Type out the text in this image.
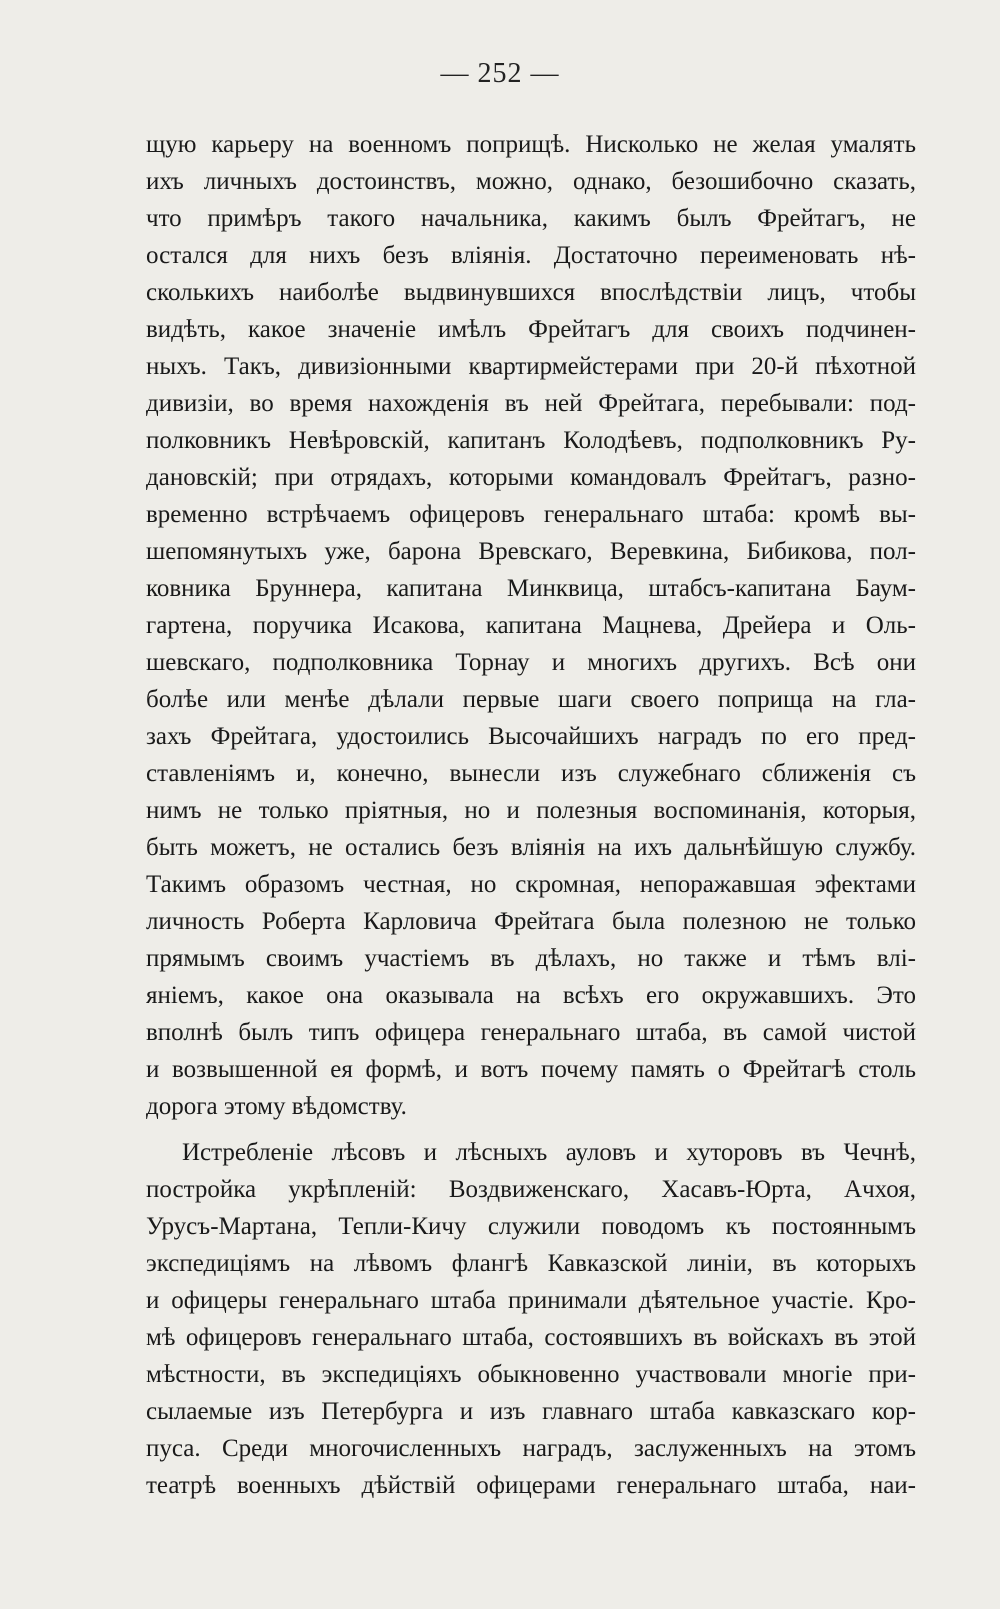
— 252 —
щую карьеру на военномъ поприщѣ. Нисколько не желая умалять
ихъ личныхъ достоинствъ, можно, однако, безошибочно сказать,
что примѣръ такого начальника, какимъ былъ Фрейтагъ, не
остался для нихъ безъ вліянія. Достаточно переименовать нѣ-
сколькихъ наиболѣе выдвинувшихся впослѣдствіи лицъ, чтобы
видѣть, какое значеніе имѣлъ Фрейтагъ для своихъ подчинен-
ныхъ. Такъ, дивизіонными квартирмейстерами при 20-й пѣхотной
дивизіи, во время нахожденія въ ней Фрейтага, перебывали: под-
полковникъ Невѣровскій, капитанъ Колодѣевъ, подполковникъ Ру-
дановскій; при отрядахъ, которыми командовалъ Фрейтагъ, разно-
временно встрѣчаемъ офицеровъ генеральнаго штаба: кромѣ вы-
шепомянутыхъ уже, барона Вревскаго, Веревкина, Бибикова, пол-
ковника Бруннера, капитана Минквица, штабсъ-капитана Баум-
гартена, поручика Исакова, капитана Мацнева, Дрейера и Оль-
шевскаго, подполковника Торнау и многихъ другихъ. Всѣ они
болѣе или менѣе дѣлали первые шаги своего поприща на гла-
захъ Фрейтага, удостоились Высочайшихъ наградъ по его пред-
ставленіямъ и, конечно, вынесли изъ служебнаго сближенія съ
нимъ не только пріятныя, но и полезныя воспоминанія, которыя,
быть можетъ, не остались безъ вліянія на ихъ дальнѣйшую службу.
Такимъ образомъ честная, но скромная, непоражавшая эфектами
личность Роберта Карловича Фрейтага была полезною не только
прямымъ своимъ участіемъ въ дѣлахъ, но также и тѣмъ влі-
яніемъ, какое она оказывала на всѣхъ его окружавшихъ. Это
вполнѣ былъ типъ офицера генеральнаго штаба, въ самой чистой
и возвышенной ея формѣ, и вотъ почему память о Фрейтагѣ столь
дорога этому вѣдомству.
Истребленіе лѣсовъ и лѣсныхъ ауловъ и хуторовъ въ Чечнѣ,
постройка укрѣпленій: Воздвиженскаго, Хасавъ-Юрта, Ачхоя,
Урусъ-Мартана, Тепли-Кичу служили поводомъ къ постояннымъ
экспедиціямъ на лѣвомъ флангѣ Кавказской линіи, въ которыхъ
и офицеры генеральнаго штаба принимали дѣятельное участіе. Кро-
мѣ офицеровъ генеральнаго штаба, состоявшихъ въ войскахъ въ этой
мѣстности, въ экспедиціяхъ обыкновенно участвовали многіе при-
сылаемые изъ Петербурга и изъ главнаго штаба кавказскаго кор-
пуса. Среди многочисленныхъ наградъ, заслуженныхъ на этомъ
театрѣ военныхъ дѣйствій офицерами генеральнаго штаба, наи-
